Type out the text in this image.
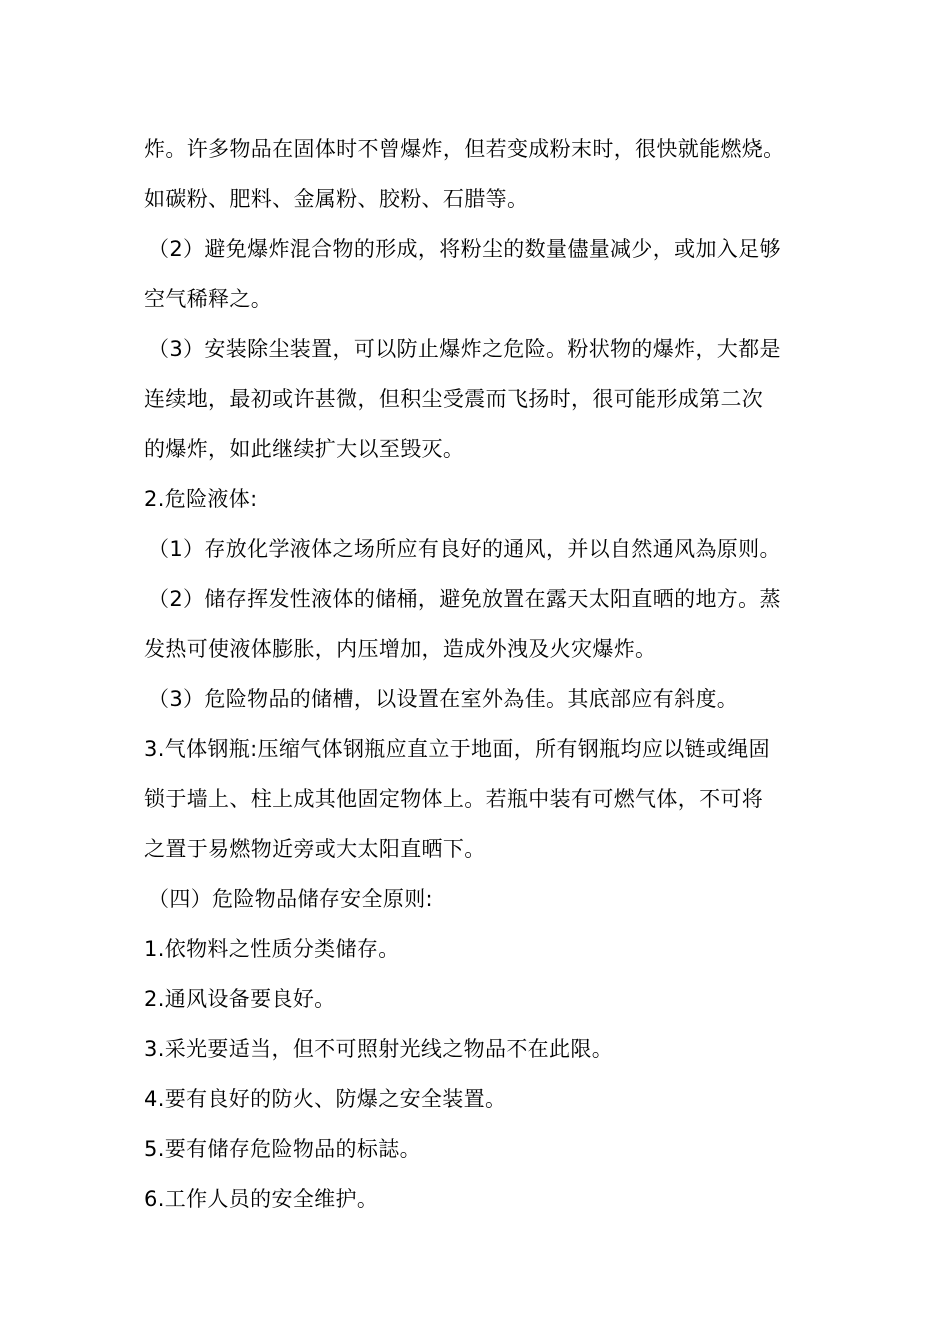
炸。许多物品在固体时不曾爆炸，但若变成粉末时，很快就能燃烧。
如碳粉、肥料、金属粉、胶粉、石腊等。
（2）避免爆炸混合物的形成，将粉尘的数量儘量减少，或加入足够
空气稀释之。
（3）安装除尘装置，可以防止爆炸之危险。粉状物的爆炸，大都是
连续地，最初或许甚微，但积尘受震而飞扬时，很可能形成第二次
的爆炸，如此继续扩大以至毁灭。
2.危险液体:
（1）存放化学液体之场所应有良好的通风，并以自然通风為原则。
（2）储存挥发性液体的储桶，避免放置在露天太阳直晒的地方。蒸
发热可使液体膨胀，内压增加，造成外洩及火灾爆炸。
（3）危险物品的储槽，以设置在室外為佳。其底部应有斜度。
3.气体钢瓶:压缩气体钢瓶应直立于地面，所有钢瓶均应以链或绳固
锁于墙上、柱上成其他固定物体上。若瓶中装有可燃气体，不可将
之置于易燃物近旁或大太阳直晒下。
（四）危险物品储存安全原则:
1.依物料之性质分类储存。
2.通风设备要良好。
3.采光要适当，但不可照射光线之物品不在此限。
4.要有良好的防火、防爆之安全装置。
5.要有储存危险物品的标誌。
6.工作人员的安全维护。
